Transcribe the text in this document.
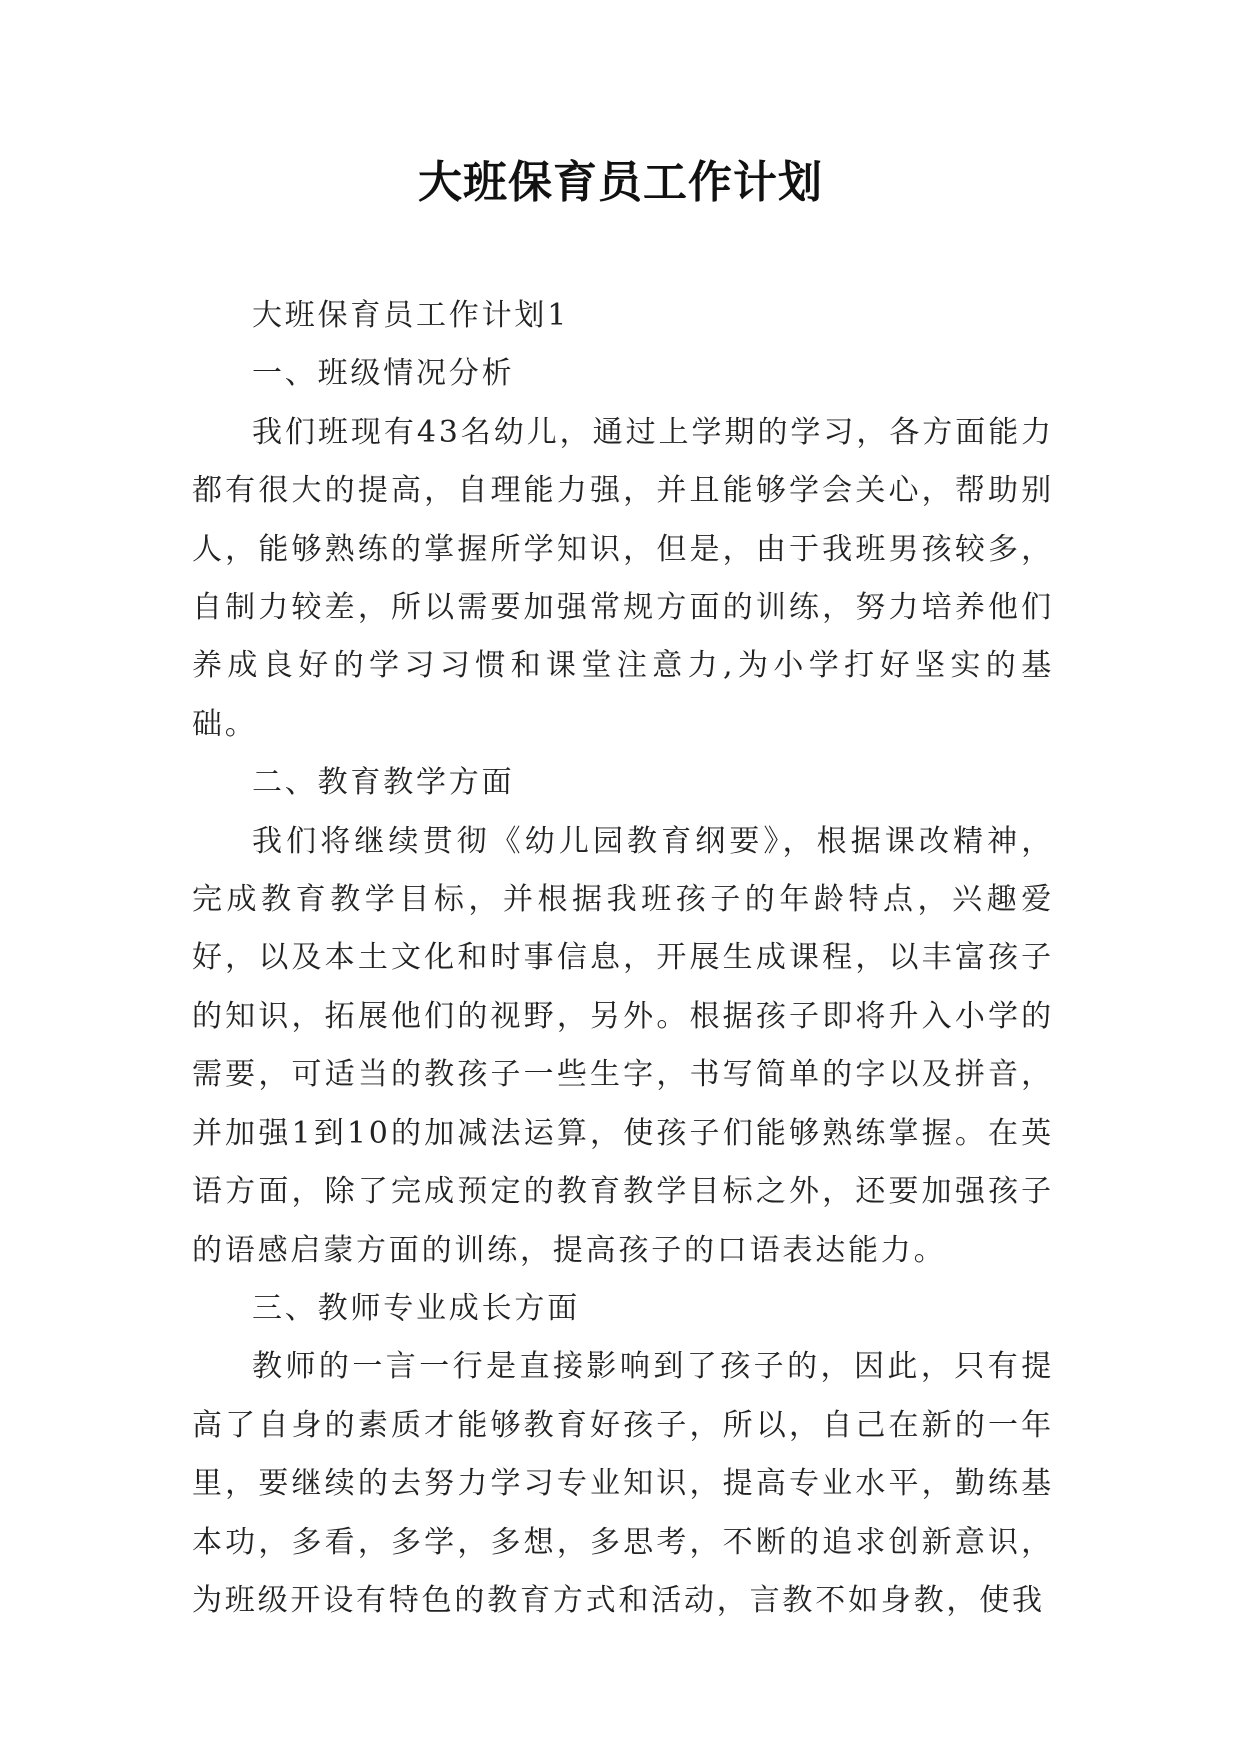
大班保育员工作计划

大班保育员工作计划1

一、班级情况分析

我们班现有43名幼儿，通过上学期的学习，各方面能力都有很大的提高，自理能力强，并且能够学会关心，帮助别人，能够熟练的掌握所学知识，但是，由于我班男孩较多，自制力较差，所以需要加强常规方面的训练，努力培养他们养成良好的学习习惯和课堂注意力,为小学打好坚实的基础。

二、教育教学方面

我们将继续贯彻《幼儿园教育纲要》，根据课改精神，完成教育教学目标，并根据我班孩子的年龄特点，兴趣爱好，以及本土文化和时事信息，开展生成课程，以丰富孩子的知识，拓展他们的视野，另外。根据孩子即将升入小学的需要，可适当的教孩子一些生字，书写简单的字以及拼音，并加强1到10的加减法运算，使孩子们能够熟练掌握。在英语方面，除了完成预定的教育教学目标之外，还要加强孩子的语感启蒙方面的训练，提高孩子的口语表达能力。

三、教师专业成长方面

教师的一言一行是直接影响到了孩子的，因此，只有提高了自身的素质才能够教育好孩子，所以，自己在新的一年里，要继续的去努力学习专业知识，提高专业水平，勤练基本功，多看，多学，多想，多思考，不断的追求创新意识，为班级开设有特色的教育方式和活动，言教不如身教，使我
